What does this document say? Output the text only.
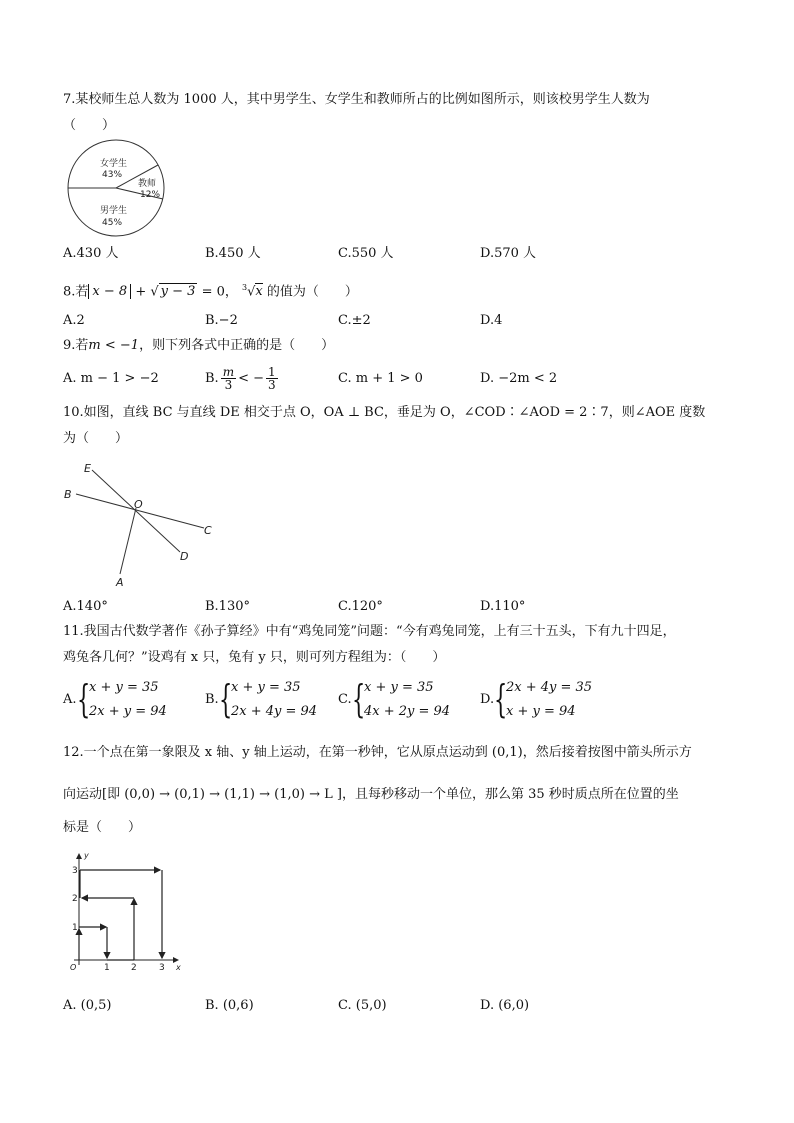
7.某校师生总人数为 1000 人，其中男学生、女学生和教师所占的比例如图所示，则该校男学生人数为
（　　）
女学生
43%
教师
12%
男学生
45%
A.430 人	B.450 人	C.550 人	D.570 人
8.若 x − 8 + √ y − 3 = 0， $^3$√x 的值为（　　）
A.2	B.−2	C.±2	D.4
9.若m < −1，则下列各式中正确的是（　　）
A. m − 1 > −2	B. $\frac{m}{3}$ < − $\frac{1}{3}$	C. m + 1 > 0	D. −2m < 2
10.如图，直线 BC 与直线 DE 相交于点 O，OA ⊥ BC，垂足为 O，∠COD∶∠AOD = 2∶7，则∠AOE 度数
为（　　）
E
B
O
C
D
A
A.140°	B.130°	C.120°	D.110°
11.我国古代数学著作《孙子算经》中有“鸡兔同笼”问题：“今有鸡兔同笼，上有三十五头，下有九十四足，
鸡兔各几何？”设鸡有 x 只，兔有 y 只，则可列方程组为：（　　）
A. {
x + y = 35
2x + y = 94
B. {
x + y = 35
2x + 4y = 94
C. {
x + y = 35
4x + 2y = 94
D. {
2x + 4y = 35
x + y = 94
12.一个点在第一象限及 x 轴、y 轴上运动，在第一秒钟，它从原点运动到 (0,1)，然后接着按图中箭头所示方
向运动[即 (0,0) → (0,1) → (1,1) → (1,0) → L ]，且每秒移动一个单位，那么第 35 秒时质点所在位置的坐
标是（　　）
1
2
3
1 2 3
O	x
y
A. (0,5)	B. (0,6)	C. (5,0)	D. (6,0)
